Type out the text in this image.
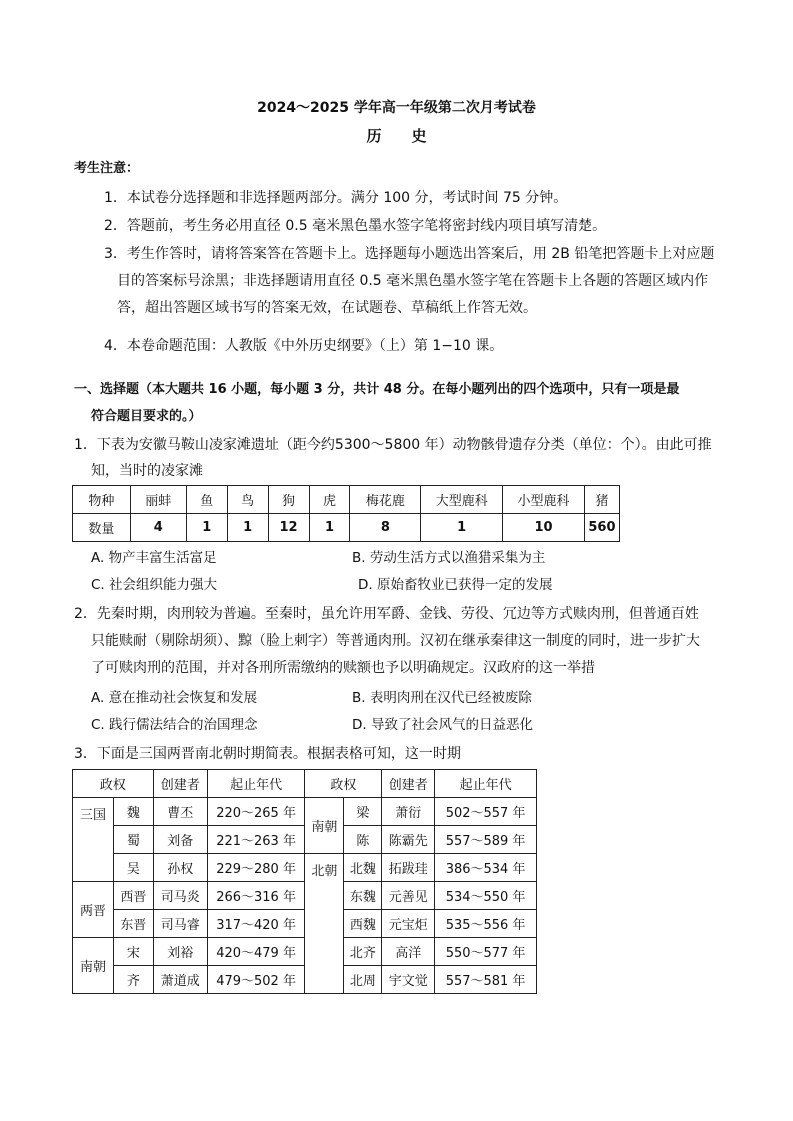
2024～2025 学年高一年级第二次月考试卷
历　　史
考生注意：
1．本试卷分选择题和非选择题两部分。满分 100 分，考试时间 75 分钟。
2．答题前，考生务必用直径 0.5 毫米黑色墨水签字笔将密封线内项目填写清楚。
3．考生作答时，请将答案答在答题卡上。选择题每小题选出答案后，用 2B 铅笔把答题卡上对应题
目的答案标号涂黑；非选择题请用直径 0.5 毫米黑色墨水签字笔在答题卡上各题的答题区域内作
答，超出答题区域书写的答案无效，在试题卷、草稿纸上作答无效。
4．本卷命题范围：人教版《中外历史纲要》（上）第 1−10 课。
一、选择题（本大题共 16 小题，每小题 3 分，共计 48 分。在每小题列出的四个选项中，只有一项是最
符合题目要求的。）
1．下表为安徽马鞍山凌家滩遗址（距今约5300～5800 年）动物骸骨遗存分类（单位：个）。由此可推
知，当时的凌家滩
物种	丽蚌	鱼	鸟	狗	虎	梅花鹿	大型鹿科	小型鹿科	猪
数量	4	1	1	12	1	8	1	10	560
A. 物产丰富生活富足	B. 劳动生活方式以渔猎采集为主
C. 社会组织能力强大	D. 原始畜牧业已获得一定的发展
2．先秦时期，肉刑较为普遍。至秦时，虽允许用军爵、金钱、劳役、冗边等方式赎肉刑，但普通百姓
只能赎耐（剔除胡须）、黥（脸上刺字）等普通肉刑。汉初在继承秦律这一制度的同时，进一步扩大
了可赎肉刑的范围，并对各刑所需缴纳的赎额也予以明确规定。汉政府的这一举措
A. 意在推动社会恢复和发展	B. 表明肉刑在汉代已经被废除
C. 践行儒法结合的治国理念	D. 导致了社会风气的日益恶化
3．下面是三国两晋南北朝时期简表。根据表格可知，这一时期
政权		创建者	起止年代	政权		创建者	起止年代
三国	魏	曹丕	220～265 年	南朝	梁	萧衍	502～557 年
	蜀	刘备	221～263 年		陈	陈霸先	557～589 年
	吴	孙权	229～280 年	北朝	北魏	拓跋珪	386～534 年
两晋	西晋	司马炎	266～316 年		东魏	元善见	534～550 年
	东晋	司马睿	317～420 年		西魏	元宝炬	535～556 年
南朝	宋	刘裕	420～479 年		北齐	高洋	550～577 年
	齐	萧道成	479～502 年		北周	宇文觉	557～581 年
